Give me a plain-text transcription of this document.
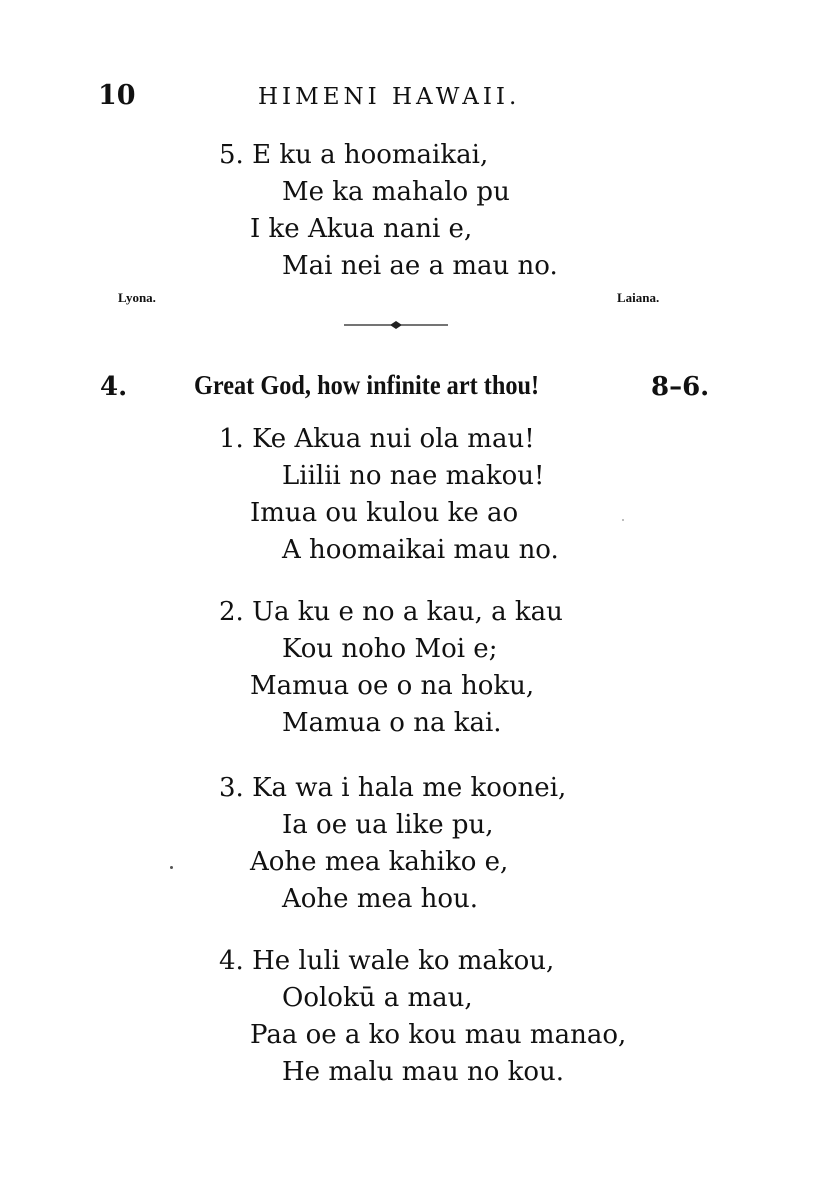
10	HIMENI HAWAII.
5. E ku a hoomaikai,
Me ka mahalo pu
I ke Akua nani e,
Mai nei ae a mau no.
Lyona.	Laiana.
4. Great God, how infinite art thou!	8–6.
1. Ke Akua nui ola mau!
Liilii no nae makou!
Imua ou kulou ke ao
A hoomaikai mau no.
2. Ua ku e no a kau, a kau
Kou noho Moi e;
Mamua oe o na hoku,
Mamua o na kai.
3. Ka wa i hala me koonei,
Ia oe ua like pu,
Aohe mea kahiko e,
Aohe mea hou.
4. He luli wale ko makou,
Oolokū a mau,
Paa oe a ko kou mau manao,
He malu mau no kou.
